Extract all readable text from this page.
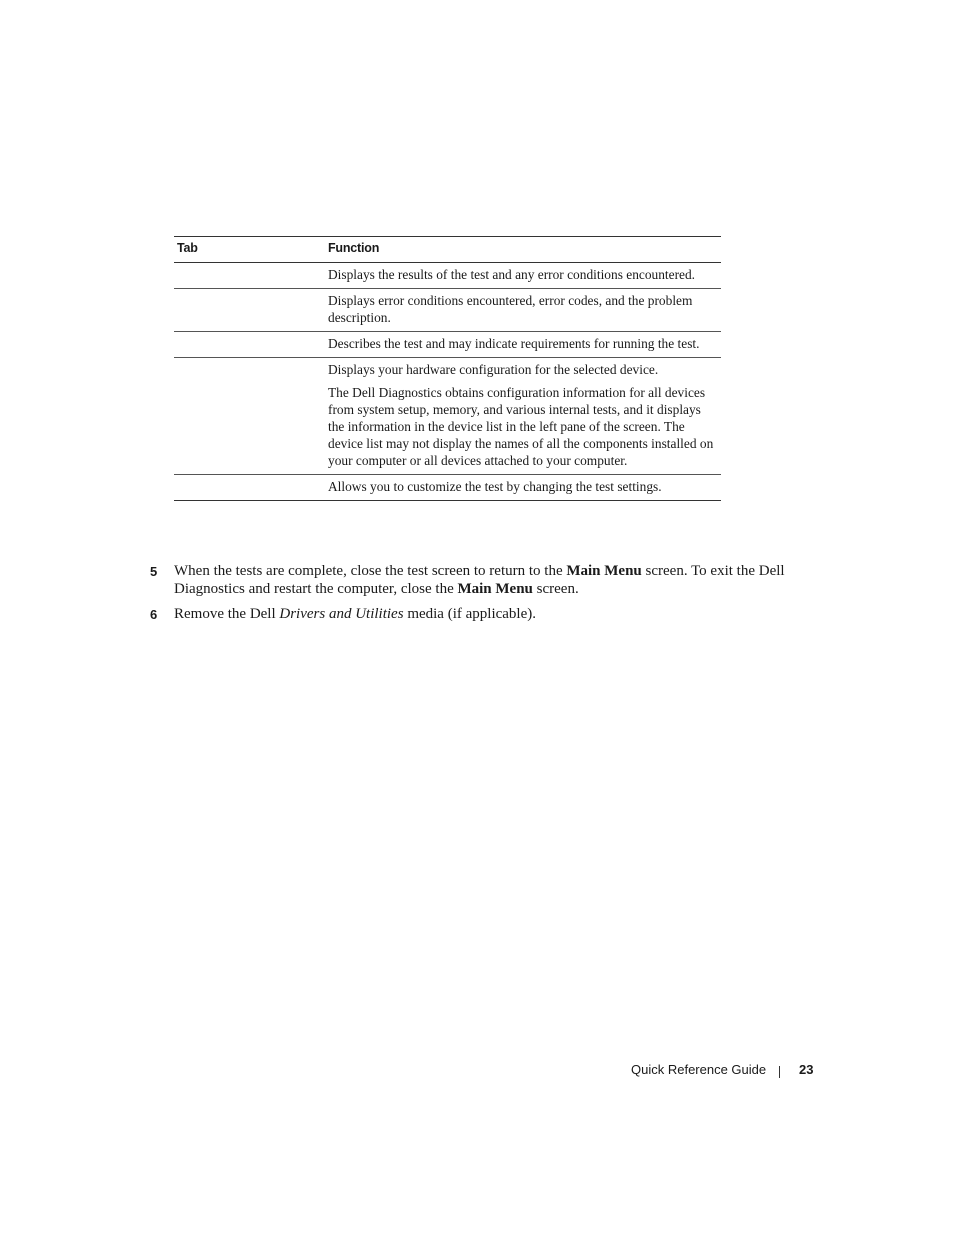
Tab	Function

Displays the results of the test and any error conditions encountered.

Displays error conditions encountered, error codes, and the problem description.

Describes the test and may indicate requirements for running the test.

Displays your hardware configuration for the selected device.

The Dell Diagnostics obtains configuration information for all devices from system setup, memory, and various internal tests, and it displays the information in the device list in the left pane of the screen. The device list may not display the names of all the components installed on your computer or all devices attached to your computer.

Allows you to customize the test by changing the test settings.

5 When the tests are complete, close the test screen to return to the Main Menu screen. To exit the Dell Diagnostics and restart the computer, close the Main Menu screen.
6 Remove the Dell Drivers and Utilities media (if applicable).
Quick Reference Guide	23
